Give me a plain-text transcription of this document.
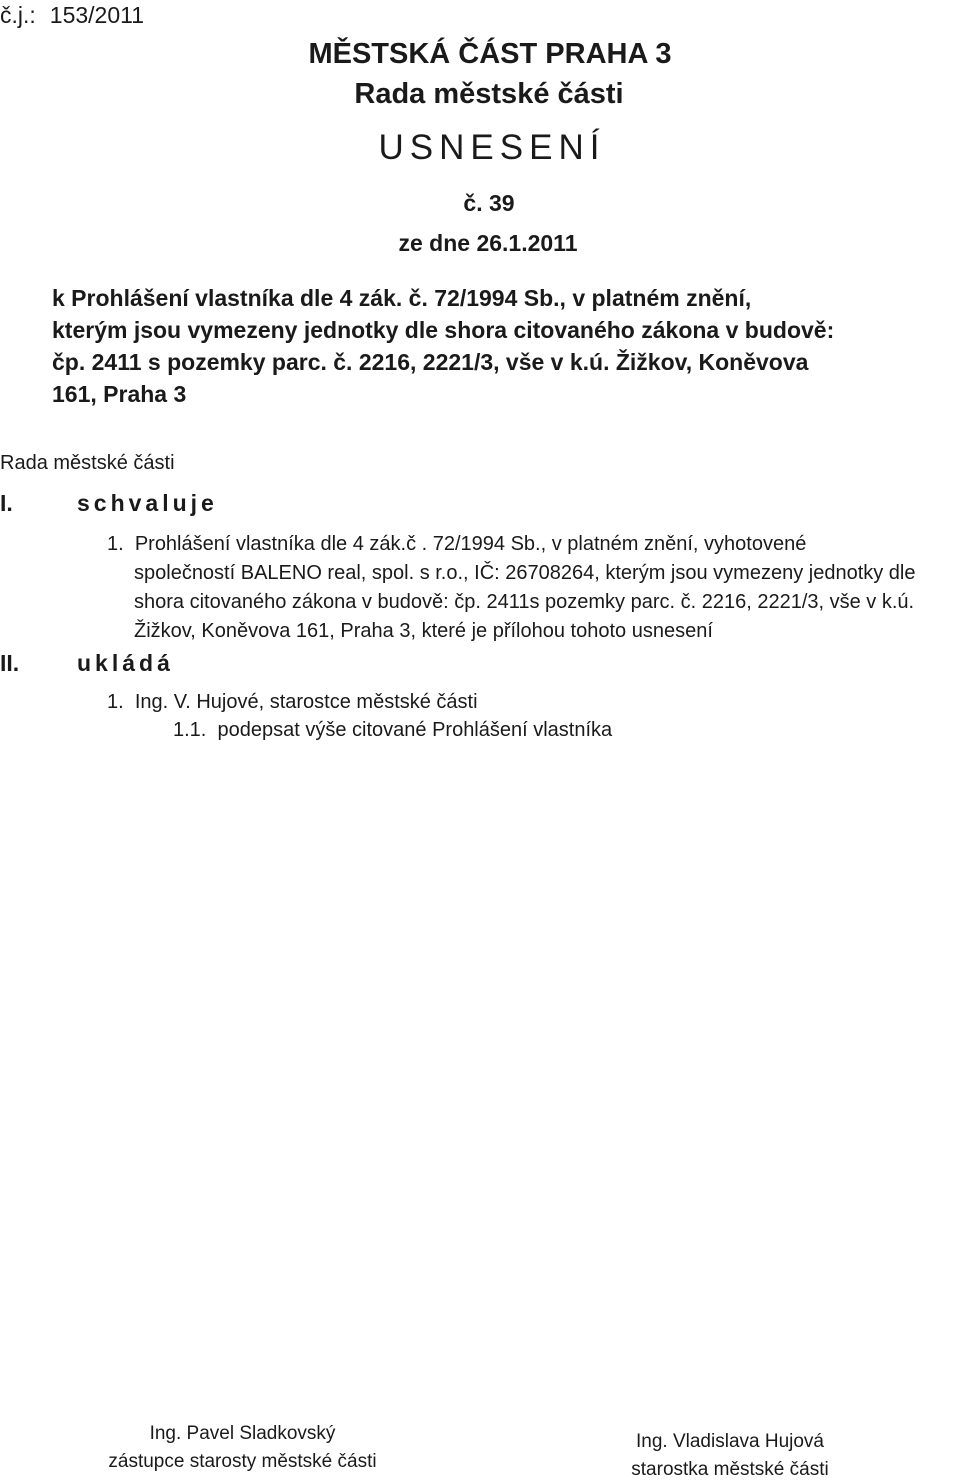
č.j.: 153/2011
MĚSTSKÁ ČÁST PRAHA 3
Rada městské části
USNESENÍ
č. 39
ze dne 26.1.2011
k Prohlášení vlastníka dle 4 zák. č. 72/1994 Sb., v platném znění,
kterým jsou vymezeny jednotky dle shora citovaného zákona v budově:
čp. 2411 s pozemky parc. č. 2216, 2221/3, vše v k.ú. Žižkov, Koněvova
161, Praha 3
Rada městské části
I.	schvaluje
1. Prohlášení vlastníka dle 4 zák.č . 72/1994 Sb., v platném znění, vyhotovené
společností BALENO real, spol. s r.o., IČ: 26708264, kterým jsou vymezeny jednotky dle
shora citovaného zákona v budově: čp. 2411s pozemky parc. č. 2216, 2221/3, vše v k.ú.
Žižkov, Koněvova 161, Praha 3, které je přílohou tohoto usnesení
II.	ukládá
1. Ing. V. Hujové, starostce městské části
1.1. podepsat výše citované Prohlášení vlastníka
Ing. Pavel Sladkovský
zástupce starosty městské části
Ing. Vladislava Hujová
starostka městské části
